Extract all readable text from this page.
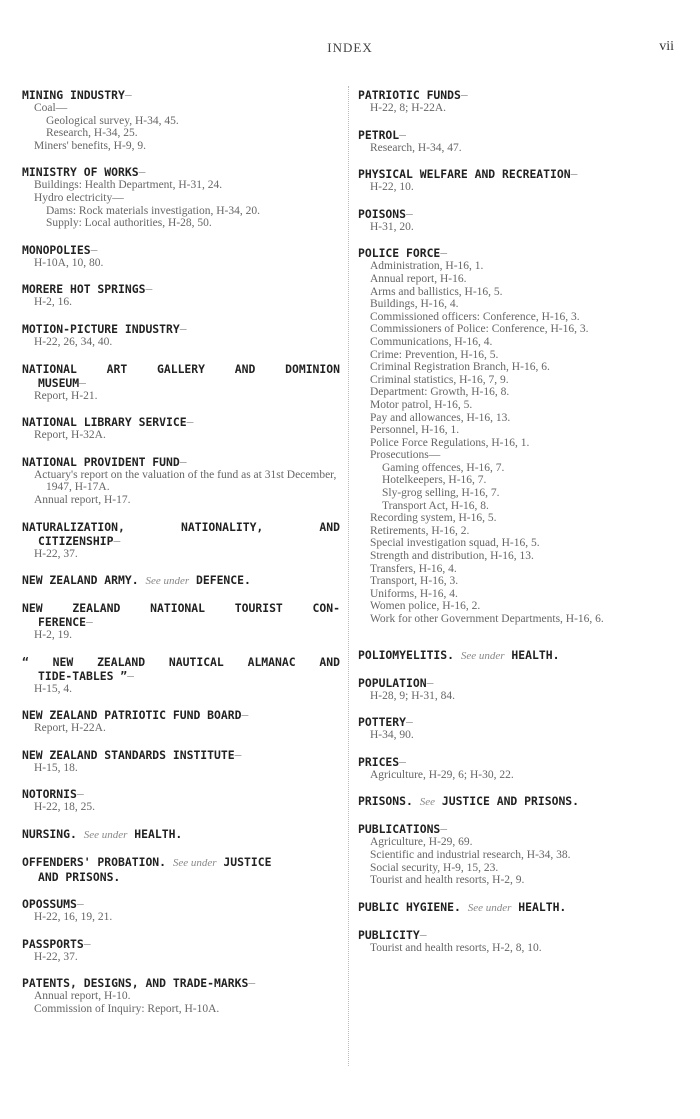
INDEX	vii
MINING INDUSTRY—
Coal—
Geological survey, H-34, 45.
Research, H-34, 25.
Miners' benefits, H-9, 9.
MINISTRY OF WORKS—
Buildings: Health Department, H-31, 24.
Hydro electricity—
Dams: Rock materials investigation, H-34, 20.
Supply: Local authorities, H-28, 50.
MONOPOLIES—
H-10A, 10, 80.
MORERE HOT SPRINGS—
H-2, 16.
MOTION-PICTURE INDUSTRY—
H-22, 26, 34, 40.
NATIONAL ART GALLERY AND DOMINION
MUSEUM—
Report, H-21.
NATIONAL LIBRARY SERVICE—
Report, H-32A.
NATIONAL PROVIDENT FUND—
Actuary's report on the valuation of the fund as at 31st December, 1947, H-17A.
Annual report, H-17.
NATURALIZATION, NATIONALITY, AND
CITIZENSHIP—
H-22, 37.
NEW ZEALAND ARMY. See under DEFENCE.
NEW ZEALAND NATIONAL TOURIST CON-
FERENCE—
H-2, 19.
“ NEW ZEALAND NAUTICAL ALMANAC AND
TIDE-TABLES ”—
H-15, 4.
NEW ZEALAND PATRIOTIC FUND BOARD—
Report, H-22A.
NEW ZEALAND STANDARDS INSTITUTE—
H-15, 18.
NOTORNIS—
H-22, 18, 25.
NURSING. See under HEALTH.
OFFENDERS' PROBATION. See under JUSTICE
AND PRISONS.
OPOSSUMS—
H-22, 16, 19, 21.
PASSPORTS—
H-22, 37.
PATENTS, DESIGNS, AND TRADE-MARKS—
Annual report, H-10.
Commission of Inquiry: Report, H-10A.
PATRIOTIC FUNDS—
H-22, 8; H-22A.
PETROL—
Research, H-34, 47.
PHYSICAL WELFARE AND RECREATION—
H-22, 10.
POISONS—
H-31, 20.
POLICE FORCE—
Administration, H-16, 1.
Annual report, H-16.
Arms and ballistics, H-16, 5.
Buildings, H-16, 4.
Commissioned officers: Conference, H-16, 3.
Commissioners of Police: Conference, H-16, 3.
Communications, H-16, 4.
Crime: Prevention, H-16, 5.
Criminal Registration Branch, H-16, 6.
Criminal statistics, H-16, 7, 9.
Department: Growth, H-16, 8.
Motor patrol, H-16, 5.
Pay and allowances, H-16, 13.
Personnel, H-16, 1.
Police Force Regulations, H-16, 1.
Prosecutions—
Gaming offences, H-16, 7.
Hotelkeepers, H-16, 7.
Sly-grog selling, H-16, 7.
Transport Act, H-16, 8.
Recording system, H-16, 5.
Retirements, H-16, 2.
Special investigation squad, H-16, 5.
Strength and distribution, H-16, 13.
Transfers, H-16, 4.
Transport, H-16, 3.
Uniforms, H-16, 4.
Women police, H-16, 2.
Work for other Government Departments, H-16, 6.
POLIOMYELITIS. See under HEALTH.
POPULATION—
H-28, 9; H-31, 84.
POTTERY—
H-34, 90.
PRICES—
Agriculture, H-29, 6; H-30, 22.
PRISONS. See JUSTICE AND PRISONS.
PUBLICATIONS—
Agriculture, H-29, 69.
Scientific and industrial research, H-34, 38.
Social security, H-9, 15, 23.
Tourist and health resorts, H-2, 9.
PUBLIC HYGIENE. See under HEALTH.
PUBLICITY—
Tourist and health resorts, H-2, 8, 10.
